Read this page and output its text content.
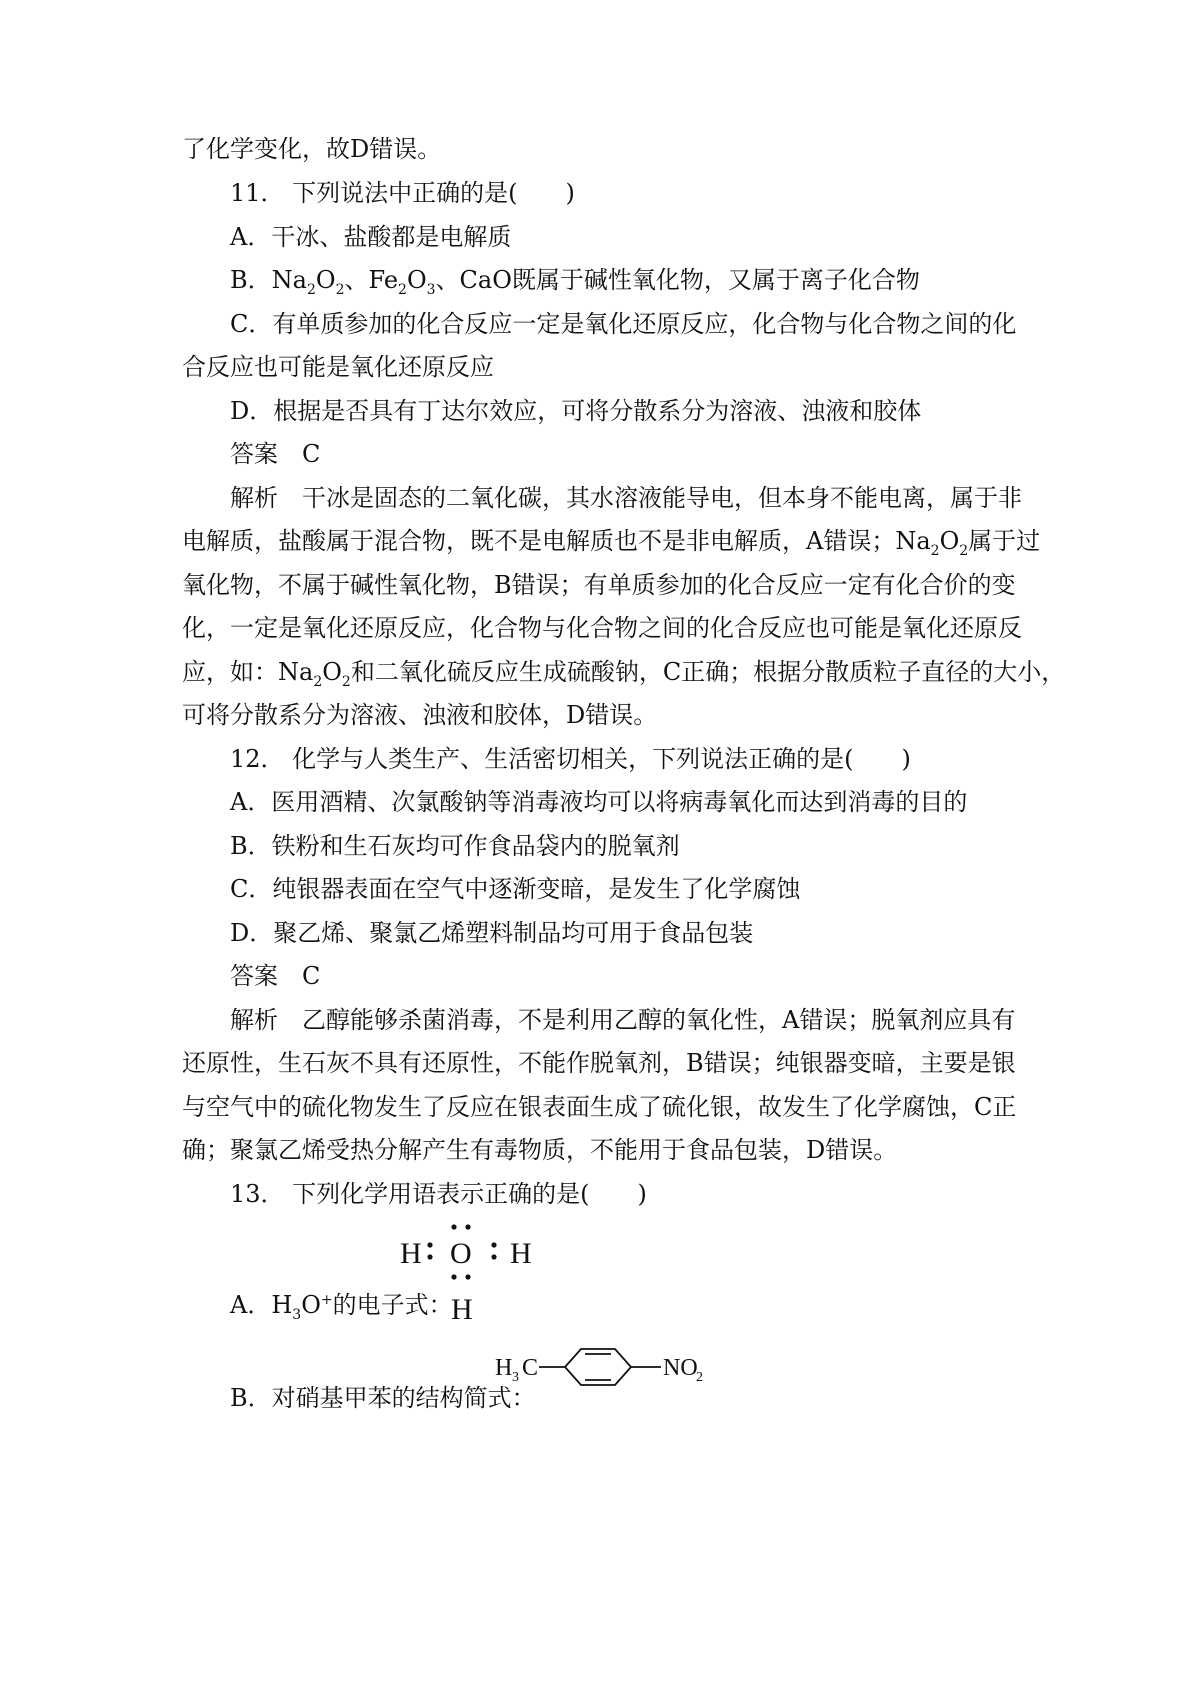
了化学变化，故D错误。
11． 下列说法中正确的是(　　)
A．干冰、盐酸都是电解质
B．$Na_2O_2$、$Fe_2O_3$、CaO既属于碱性氧化物，又属于离子化合物
C．有单质参加的化合反应一定是氧化还原反应，化合物与化合物之间的化
合反应也可能是氧化还原反应
D．根据是否具有丁达尔效应，可将分散系分为溶液、浊液和胶体
答案　C
解析　干冰是固态的二氧化碳，其水溶液能导电，但本身不能电离，属于非
电解质，盐酸属于混合物，既不是电解质也不是非电解质，A错误；$Na_2O_2$属于过
氧化物，不属于碱性氧化物，B错误；有单质参加的化合反应一定有化合价的变
化，一定是氧化还原反应，化合物与化合物之间的化合反应也可能是氧化还原反
应，如：$Na_2O_2$和二氧化硫反应生成硫酸钠，C正确；根据分散质粒子直径的大小，
可将分散系分为溶液、浊液和胶体，D错误。
12． 化学与人类生产、生活密切相关，下列说法正确的是(　　)
A．医用酒精、次氯酸钠等消毒液均可以将病毒氧化而达到消毒的目的
B．铁粉和生石灰均可作食品袋内的脱氧剂
C．纯银器表面在空气中逐渐变暗，是发生了化学腐蚀
D．聚乙烯、聚氯乙烯塑料制品均可用于食品包装
答案　C
解析　乙醇能够杀菌消毒，不是利用乙醇的氧化性，A错误；脱氧剂应具有
还原性，生石灰不具有还原性，不能作脱氧剂，B错误；纯银器变暗，主要是银
与空气中的硫化物发生了反应在银表面生成了硫化银，故发生了化学腐蚀，C正
确；聚氯乙烯受热分解产生有毒物质，不能用于食品包装，D错误。
13． 下列化学用语表示正确的是(　　)
A．$H_3O^+$的电子式：
H O H
H
B．对硝基甲苯的结构简式：
H 3 C	NO
2
